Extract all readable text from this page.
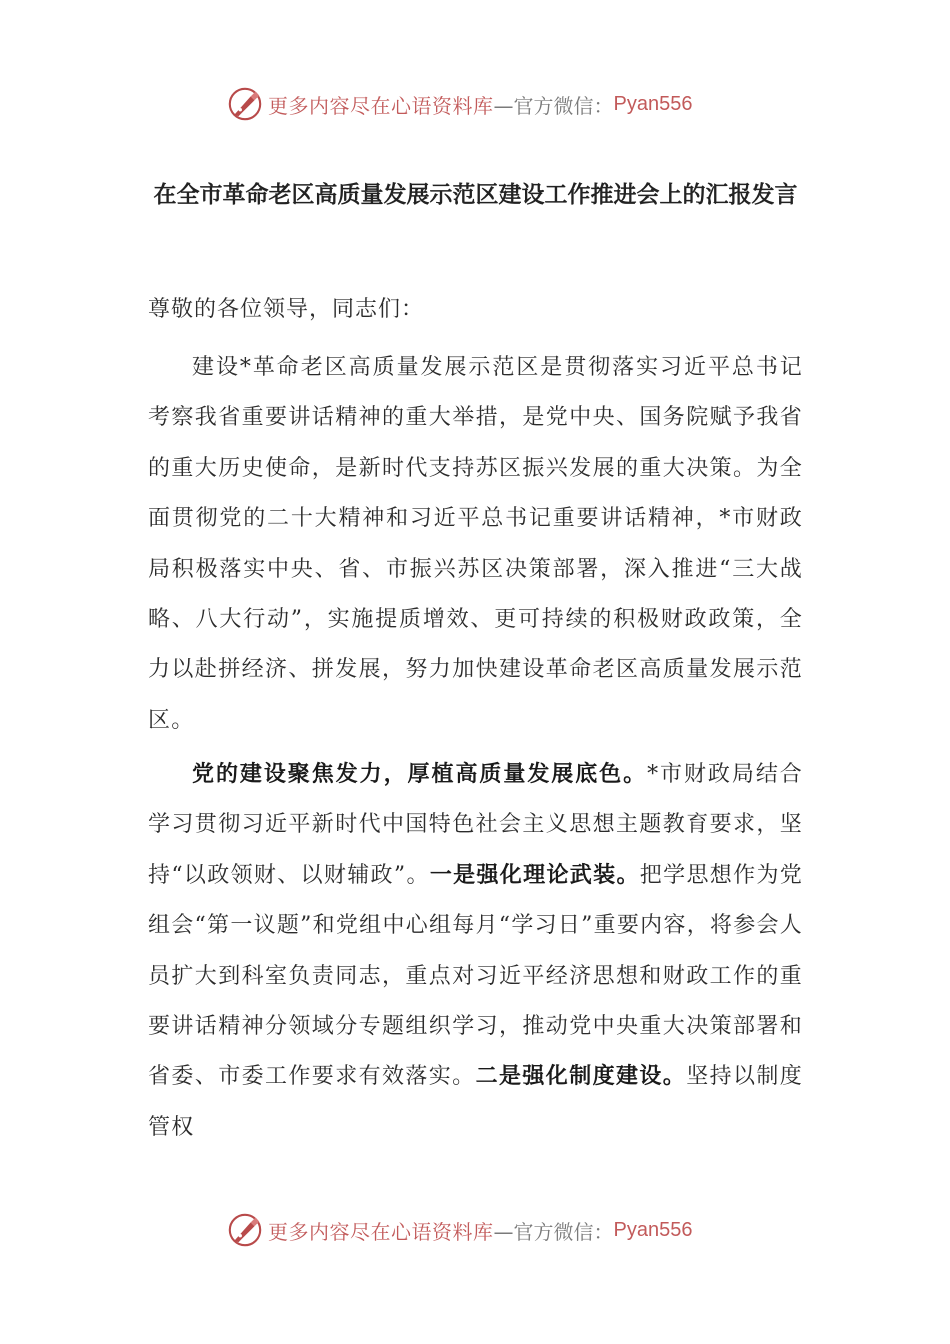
更多内容尽在心语资料库 —官方微信： Pyan556
在全市革命老区高质量发展示范区建设工作推进会上的汇报发言

尊敬的各位领导，同志们：

建设*革命老区高质量发展示范区是贯彻落实习近平总书记考察我省重要讲话精神的重大举措，是党中央、国务院赋予我省的重大历史使命，是新时代支持苏区振兴发展的重大决策。为全面贯彻党的二十大精神和习近平总书记重要讲话精神，*市财政局积极落实中央、省、市振兴苏区决策部署，深入推进“三大战略、八大行动”，实施提质增效、更可持续的积极财政政策，全力以赴拼经济、拼发展，努力加快建设革命老区高质量发展示范区。

党的建设聚焦发力，厚植高质量发展底色。*市财政局结合学习贯彻习近平新时代中国特色社会主义思想主题教育要求，坚持“以政领财、以财辅政”。一是强化理论武装。把学思想作为党组会“第一议题”和党组中心组每月“学习日”重要内容，将参会人员扩大到科室负责同志，重点对习近平经济思想和财政工作的重要讲话精神分领域分专题组织学习，推动党中央重大决策部署和省委、市委工作要求有效落实。二是强化制度建设。坚持以制度管权

更多内容尽在心语资料库 —官方微信： Pyan556
